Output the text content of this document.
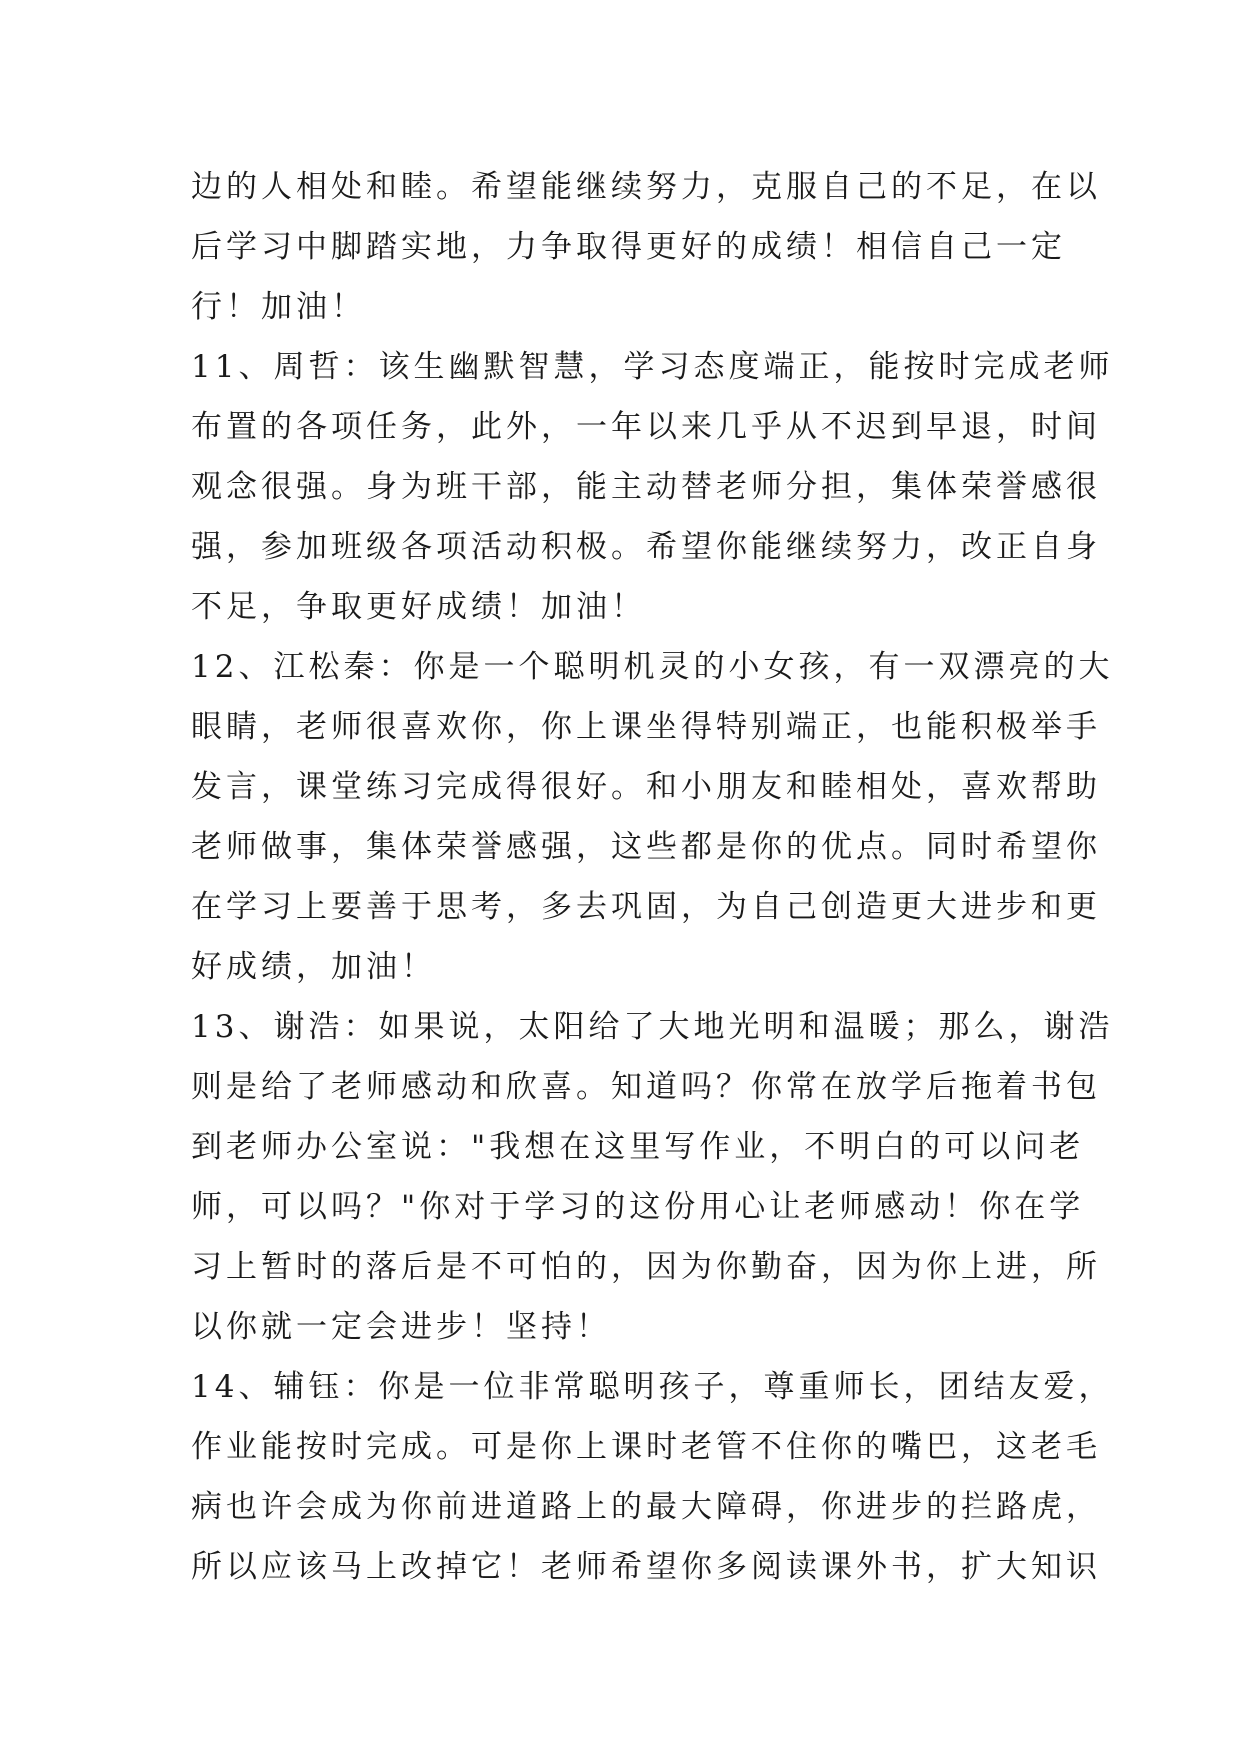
边的人相处和睦。希望能继续努力，克服自己的不足，在以
后学习中脚踏实地，力争取得更好的成绩！相信自己一定
行！加油！
11、周哲：该生幽默智慧，学习态度端正，能按时完成老师
布置的各项任务，此外，一年以来几乎从不迟到早退，时间
观念很强。身为班干部，能主动替老师分担，集体荣誉感很
强，参加班级各项活动积极。希望你能继续努力，改正自身
不足，争取更好成绩！加油！
12、江松秦：你是一个聪明机灵的小女孩，有一双漂亮的大
眼睛，老师很喜欢你，你上课坐得特别端正，也能积极举手
发言，课堂练习完成得很好。和小朋友和睦相处，喜欢帮助
老师做事，集体荣誉感强，这些都是你的优点。同时希望你
在学习上要善于思考，多去巩固，为自己创造更大进步和更
好成绩，加油！
13、谢浩：如果说，太阳给了大地光明和温暖；那么，谢浩
则是给了老师感动和欣喜。知道吗？你常在放学后拖着书包
到老师办公室说："我想在这里写作业，不明白的可以问老
师，可以吗？"你对于学习的这份用心让老师感动！你在学
习上暂时的落后是不可怕的，因为你勤奋，因为你上进，所
以你就一定会进步！坚持！
14、辅钰：你是一位非常聪明孩子，尊重师长，团结友爱，
作业能按时完成。可是你上课时老管不住你的嘴巴，这老毛
病也许会成为你前进道路上的最大障碍，你进步的拦路虎，
所以应该马上改掉它！老师希望你多阅读课外书，扩大知识
